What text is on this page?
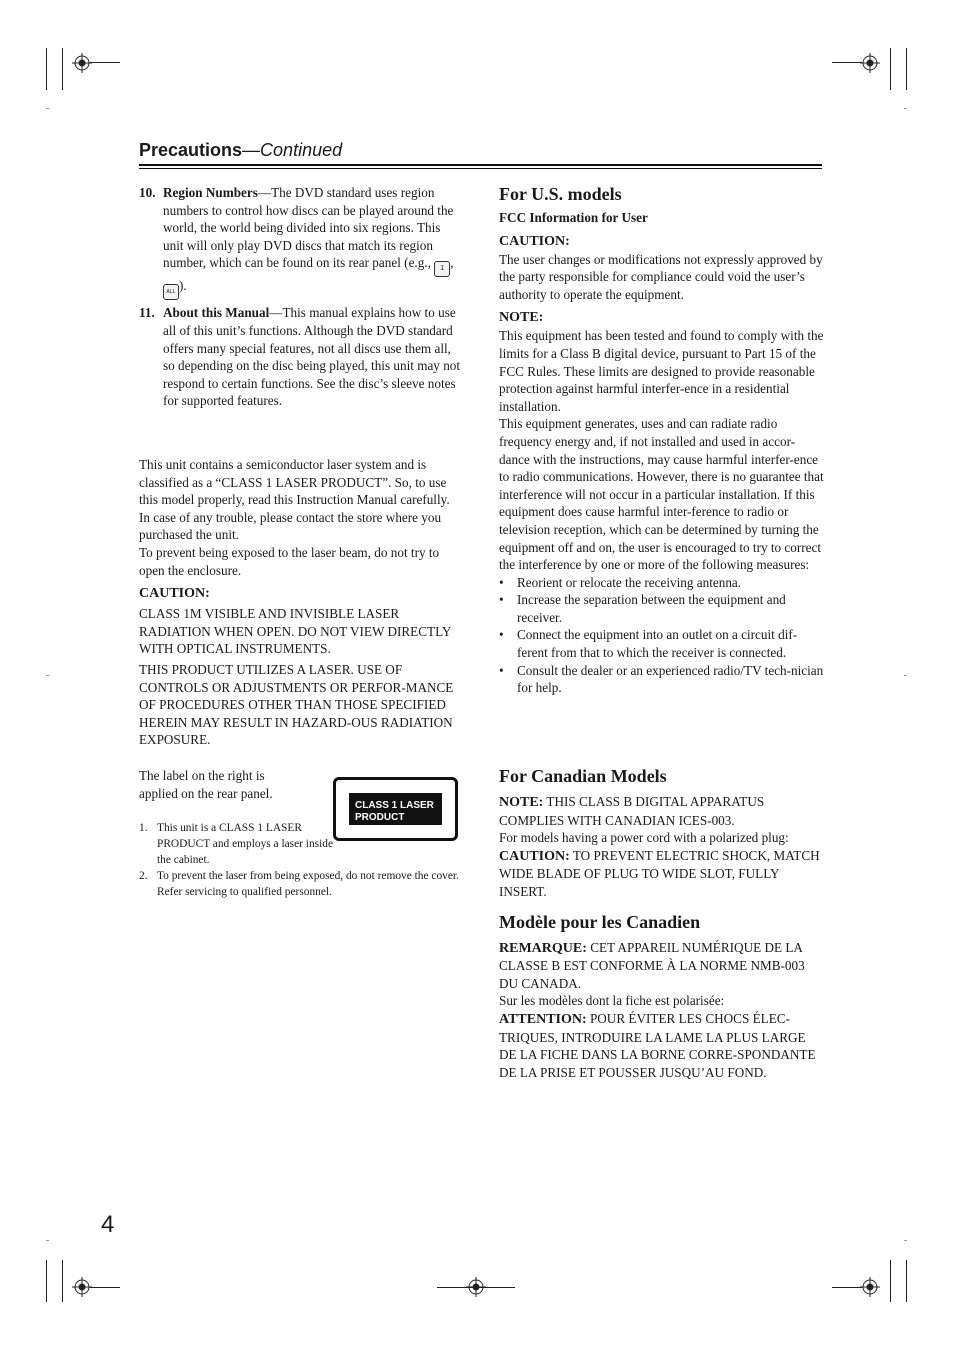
Precautions—Continued
10. Region Numbers—The DVD standard uses region numbers to control how discs can be played around the world, the world being divided into six regions. This unit will only play DVD discs that match its region number, which can be found on its rear panel (e.g., 1 , ALL ).
11. About this Manual—This manual explains how to use all of this unit’s functions. Although the DVD standard offers many special features, not all discs use them all, so depending on the disc being played, this unit may not respond to certain functions. See the disc’s sleeve notes for supported features.

This unit contains a semiconductor laser system and is classified as a “CLASS 1 LASER PRODUCT”. So, to use this model properly, read this Instruction Manual carefully. In case of any trouble, please contact the store where you purchased the unit.

To prevent being exposed to the laser beam, do not try to open the enclosure.

CAUTION:

CLASS 1M VISIBLE AND INVISIBLE LASER RADIATION WHEN OPEN. DO NOT VIEW DIRECTLY WITH OPTICAL INSTRUMENTS.

THIS PRODUCT UTILIZES A LASER. USE OF CONTROLS OR ADJUSTMENTS OR PERFOR-MANCE OF PROCEDURES OTHER THAN THOSE SPECIFIED HEREIN MAY RESULT IN HAZARD-OUS RADIATION EXPOSURE.

The label on the right is applied on the rear panel.

CLASS 1 LASER
PRODUCT
1. This unit is a CLASS 1 LASER PRODUCT and employs a laser inside the cabinet.
2. To prevent the laser from being exposed, do not remove the cover. Refer servicing to qualified personnel.

For U.S. models

FCC Information for User

CAUTION:

The user changes or modifications not expressly approved by the party responsible for compliance could void the user’s authority to operate the equipment.

NOTE:

This equipment has been tested and found to comply with the limits for a Class B digital device, pursuant to Part 15 of the FCC Rules. These limits are designed to provide reasonable protection against harmful interfer-ence in a residential installation.

This equipment generates, uses and can radiate radio frequency energy and, if not installed and used in accor-dance with the instructions, may cause harmful interfer-ence to radio communications. However, there is no guarantee that interference will not occur in a particular installation. If this equipment does cause harmful inter-ference to radio or television reception, which can be determined by turning the equipment off and on, the user is encouraged to try to correct the interference by one or more of the following measures:

• Reorient or relocate the receiving antenna.
• Increase the separation between the equipment and receiver.
• Connect the equipment into an outlet on a circuit dif-ferent from that to which the receiver is connected.
• Consult the dealer or an experienced radio/TV tech-nician for help.

For Canadian Models

NOTE: THIS CLASS B DIGITAL APPARATUS COMPLIES WITH CANADIAN ICES-003.

For models having a power cord with a polarized plug:

CAUTION: TO PREVENT ELECTRIC SHOCK, MATCH WIDE BLADE OF PLUG TO WIDE SLOT, FULLY INSERT.

Modèle pour les Canadien

REMARQUE: CET APPAREIL NUMÉRIQUE DE LA CLASSE B EST CONFORME À LA NORME NMB-003 DU CANADA.

Sur les modèles dont la fiche est polarisée:

ATTENTION: POUR ÉVITER LES CHOCS ÉLEC-TRIQUES, INTRODUIRE LA LAME LA PLUS LARGE DE LA FICHE DANS LA BORNE CORRE-SPONDANTE DE LA PRISE ET POUSSER JUSQU’AU FOND.

4
